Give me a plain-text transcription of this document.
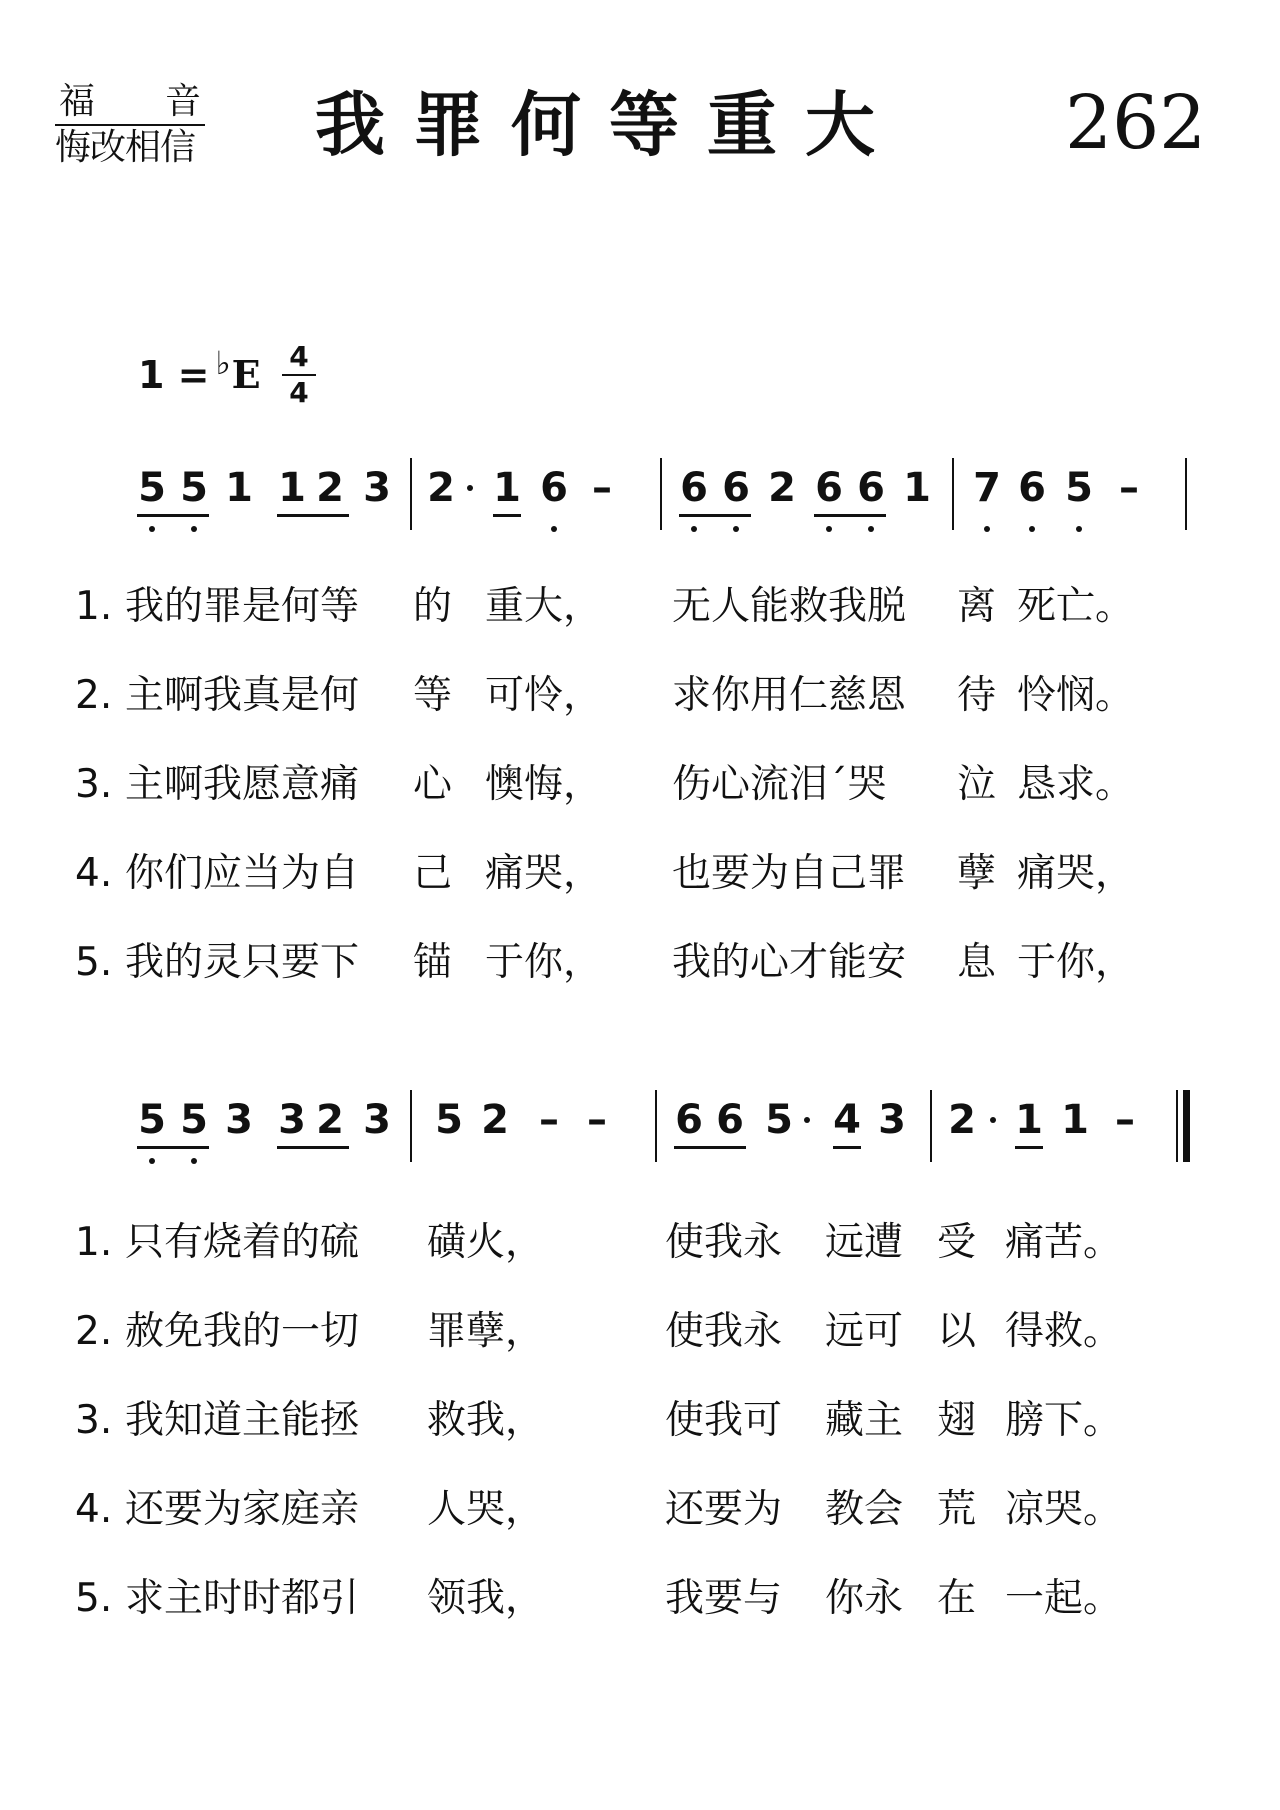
福 音
悔改相信 我罪何等重大 262
$1 = ^♭E \frac{4}{4}$
5 5 1 1 2 3 2 1 6 – 6 6 2 6 6 1 7 6 5 –
1. 我的罪是何等 的 重大， 无人能救我脱 离 死亡。
2. 主啊我真是何 等 可怜， 求你用仁慈恩 待 怜悯。
3. 主啊我愿意痛 心 懊悔， 伤心流泪ˊ哭 泣 恳求。
4. 你们应当为自 己 痛哭， 也要为自己罪 孽 痛哭，
5. 我的灵只要下 锚 于你， 我的心才能安 息 于你，
5 5 3 3 2 3 5 2 – – 6 6 5 4 3 2 1 1 –
1. 只有烧着的硫 磺火，	使我永 远遭 受 痛苦。
2. 赦免我的一切 罪孽，	使我永 远可 以 得救。
3. 我知道主能拯 救我，	使我可 藏主 翅 膀下。
4. 还要为家庭亲 人哭，	还要为 教会 荒 凉哭。
5. 求主时时都引 领我，	我要与 你永 在 一起。
